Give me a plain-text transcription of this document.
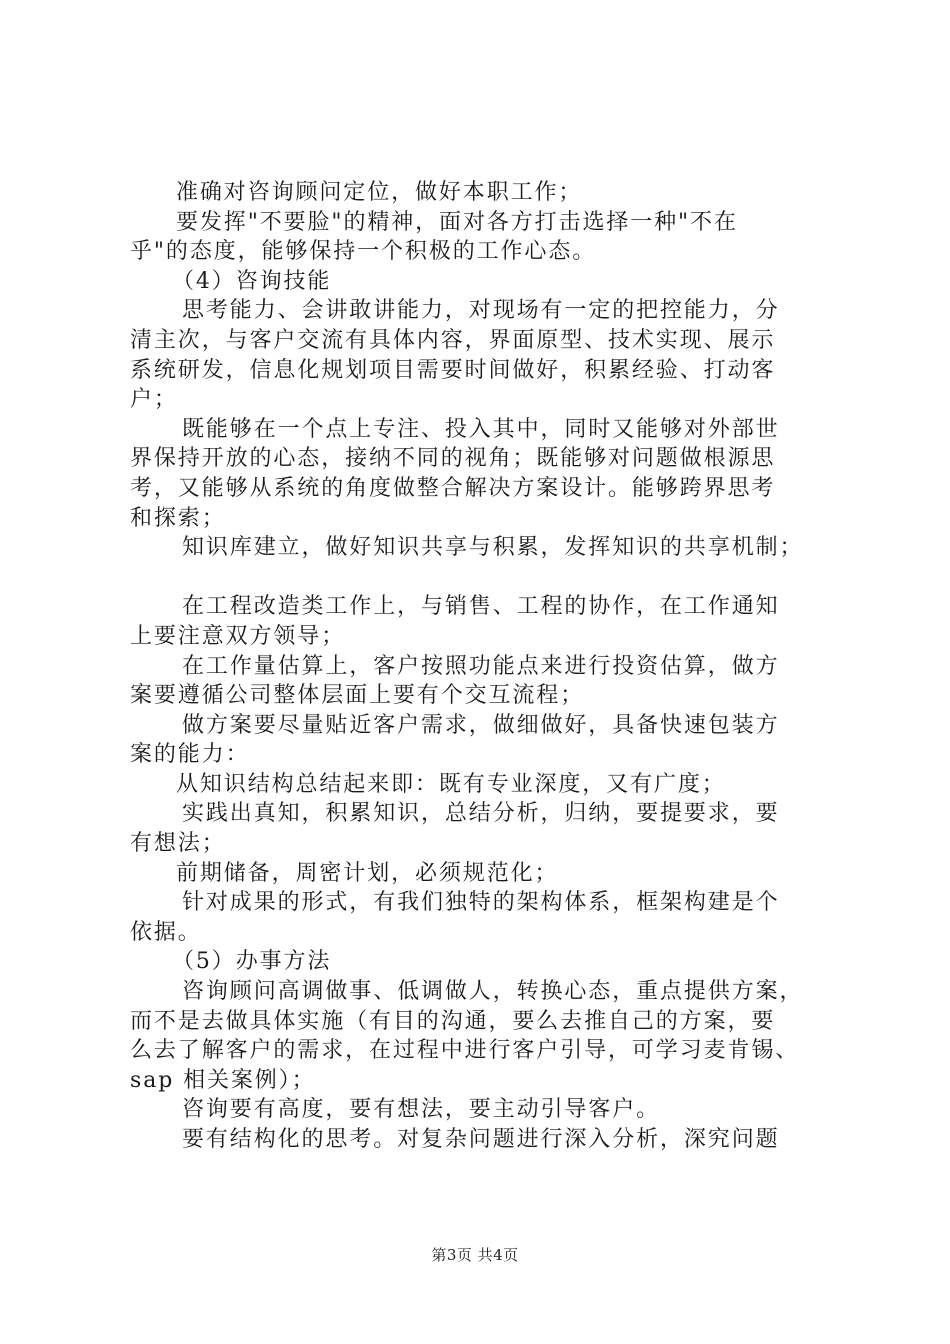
准确对咨询顾问定位，做好本职工作；
要发挥"不要脸"的精神，面对各方打击选择一种"不在
乎"的态度，能够保持一个积极的工作心态。
（4）咨询技能
思考能力、会讲敢讲能力，对现场有一定的把控能力，分
清主次，与客户交流有具体内容，界面原型、技术实现、展示
系统研发，信息化规划项目需要时间做好，积累经验、打动客
户；
既能够在一个点上专注、投入其中，同时又能够对外部世
界保持开放的心态，接纳不同的视角；既能够对问题做根源思
考，又能够从系统的角度做整合解决方案设计。能够跨界思考
和探索；
知识库建立，做好知识共享与积累，发挥知识的共享机制；
在工程改造类工作上，与销售、工程的协作，在工作通知
上要注意双方领导；
在工作量估算上，客户按照功能点来进行投资估算，做方
案要遵循公司整体层面上要有个交互流程；
做方案要尽量贴近客户需求，做细做好，具备快速包装方
案的能力：
从知识结构总结起来即：既有专业深度，又有广度；
实践出真知，积累知识，总结分析，归纳，要提要求，要
有想法；
前期储备，周密计划，必须规范化；
针对成果的形式，有我们独特的架构体系，框架构建是个
依据。
（5）办事方法
咨询顾问高调做事、低调做人，转换心态，重点提供方案，
而不是去做具体实施（有目的沟通，要么去推自己的方案，要
么去了解客户的需求，在过程中进行客户引导，可学习麦肯锡、
sap 相关案例）；
咨询要有高度，要有想法，要主动引导客户。
要有结构化的思考。对复杂问题进行深入分析，深究问题
第3页 共4页
